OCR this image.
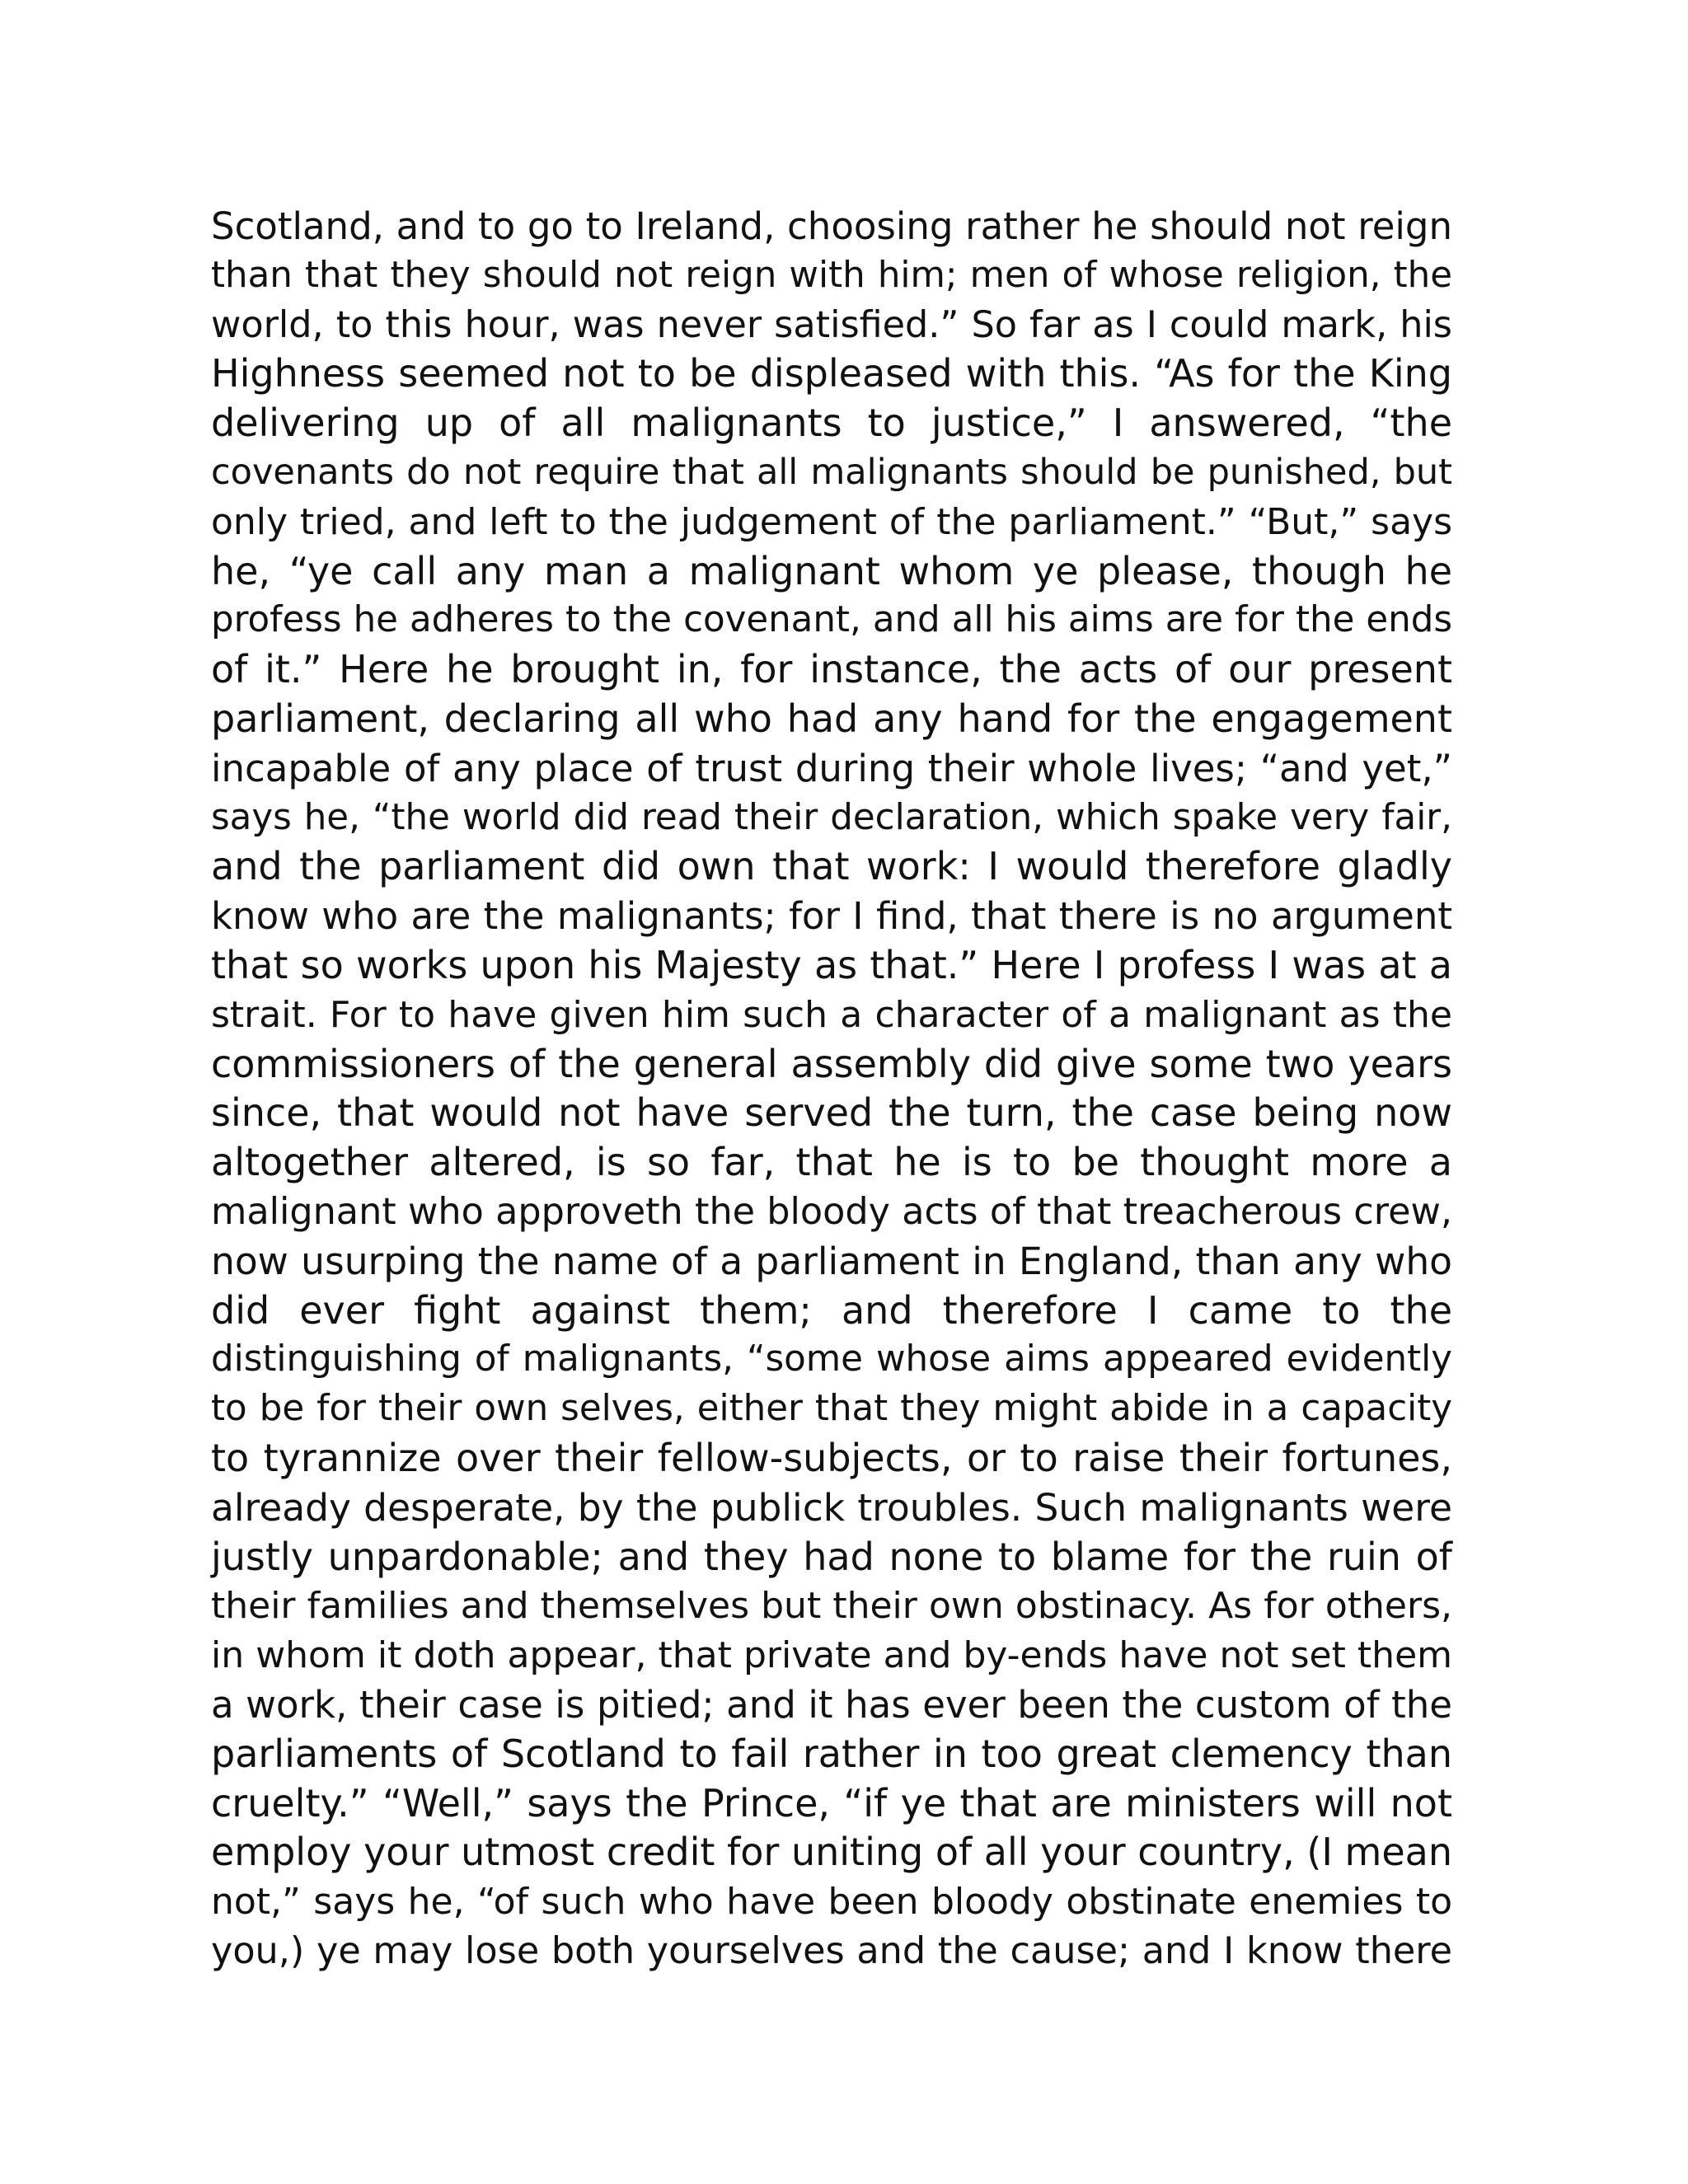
Scotland, and to go to Ireland, choosing rather he should not reign
than that they should not reign with him; men of whose religion, the
world, to this hour, was never satisfied.” So far as I could mark, his
Highness seemed not to be displeased with this. “As for the King
delivering up of all malignants to justice,” I answered, “the
covenants do not require that all malignants should be punished, but
only tried, and left to the judgement of the parliament.” “But,” says
he, “ye call any man a malignant whom ye please, though he
profess he adheres to the covenant, and all his aims are for the ends
of it.” Here he brought in, for instance, the acts of our present
parliament, declaring all who had any hand for the engagement
incapable of any place of trust during their whole lives; “and yet,”
says he, “the world did read their declaration, which spake very fair,
and the parliament did own that work: I would therefore gladly
know who are the malignants; for I find, that there is no argument
that so works upon his Majesty as that.” Here I profess I was at a
strait. For to have given him such a character of a malignant as the
commissioners of the general assembly did give some two years
since, that would not have served the turn, the case being now
altogether altered, is so far, that he is to be thought more a
malignant who approveth the bloody acts of that treacherous crew,
now usurping the name of a parliament in England, than any who
did ever fight against them; and therefore I came to the
distinguishing of malignants, “some whose aims appeared evidently
to be for their own selves, either that they might abide in a capacity
to tyrannize over their fellow-subjects, or to raise their fortunes,
already desperate, by the publick troubles. Such malignants were
justly unpardonable; and they had none to blame for the ruin of
their families and themselves but their own obstinacy. As for others,
in whom it doth appear, that private and by-ends have not set them
a work, their case is pitied; and it has ever been the custom of the
parliaments of Scotland to fail rather in too great clemency than
cruelty.” “Well,” says the Prince, “if ye that are ministers will not
employ your utmost credit for uniting of all your country, (I mean
not,” says he, “of such who have been bloody obstinate enemies to
you,) ye may lose both yourselves and the cause; and I know there
